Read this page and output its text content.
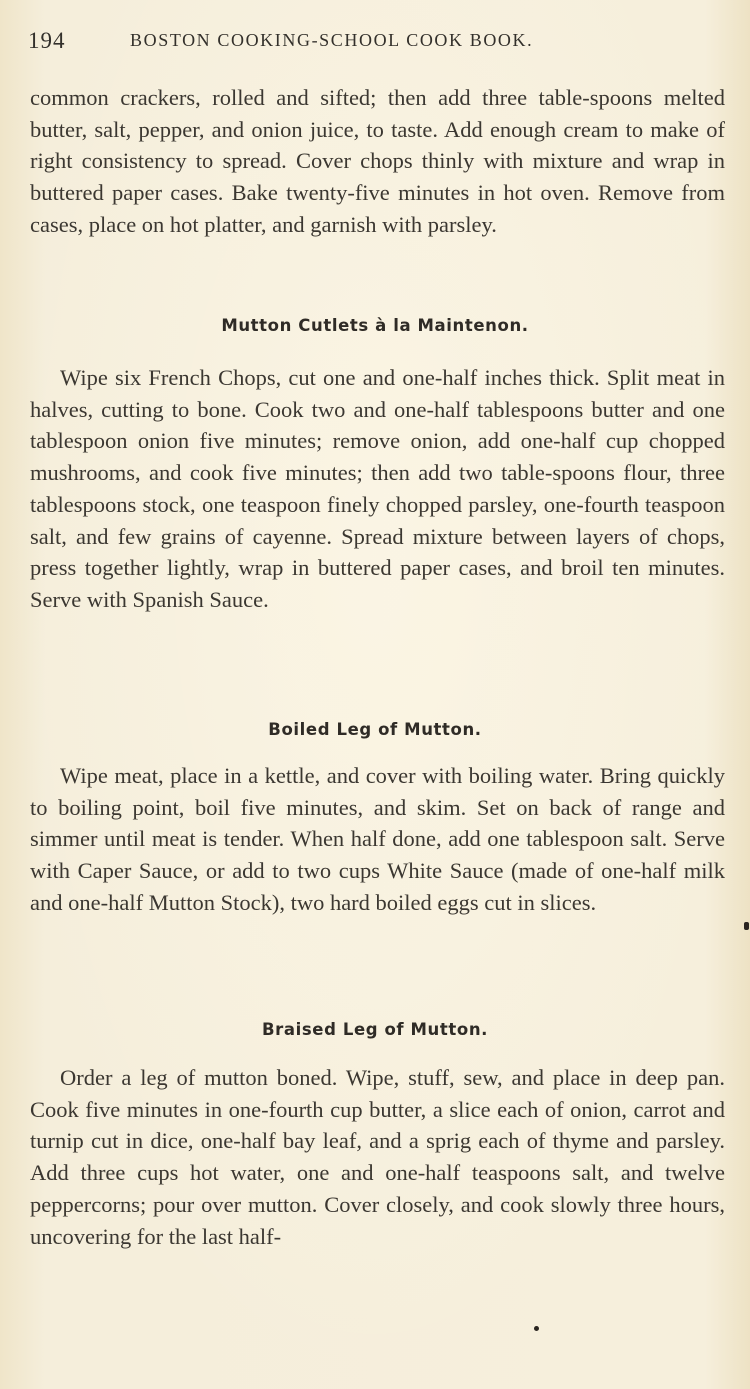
194	BOSTON COOKING-SCHOOL COOK BOOK.

common crackers, rolled and sifted; then add three table-spoons melted butter, salt, pepper, and onion juice, to taste. Add enough cream to make of right consistency to spread. Cover chops thinly with mixture and wrap in buttered paper cases. Bake twenty-five minutes in hot oven. Remove from cases, place on hot platter, and garnish with parsley.

Mutton Cutlets à la Maintenon.

Wipe six French Chops, cut one and one-half inches thick. Split meat in halves, cutting to bone. Cook two and one-half tablespoons butter and one tablespoon onion five minutes; remove onion, add one-half cup chopped mushrooms, and cook five minutes; then add two table-spoons flour, three tablespoons stock, one teaspoon finely chopped parsley, one-fourth teaspoon salt, and few grains of cayenne. Spread mixture between layers of chops, press together lightly, wrap in buttered paper cases, and broil ten minutes. Serve with Spanish Sauce.

Boiled Leg of Mutton.

Wipe meat, place in a kettle, and cover with boiling water. Bring quickly to boiling point, boil five minutes, and skim. Set on back of range and simmer until meat is tender. When half done, add one tablespoon salt. Serve with Caper Sauce, or add to two cups White Sauce (made of one-half milk and one-half Mutton Stock), two hard boiled eggs cut in slices.

Braised Leg of Mutton.

Order a leg of mutton boned. Wipe, stuff, sew, and place in deep pan. Cook five minutes in one-fourth cup butter, a slice each of onion, carrot and turnip cut in dice, one-half bay leaf, and a sprig each of thyme and parsley. Add three cups hot water, one and one-half teaspoons salt, and twelve peppercorns; pour over mutton. Cover closely, and cook slowly three hours, uncovering for the last half-
